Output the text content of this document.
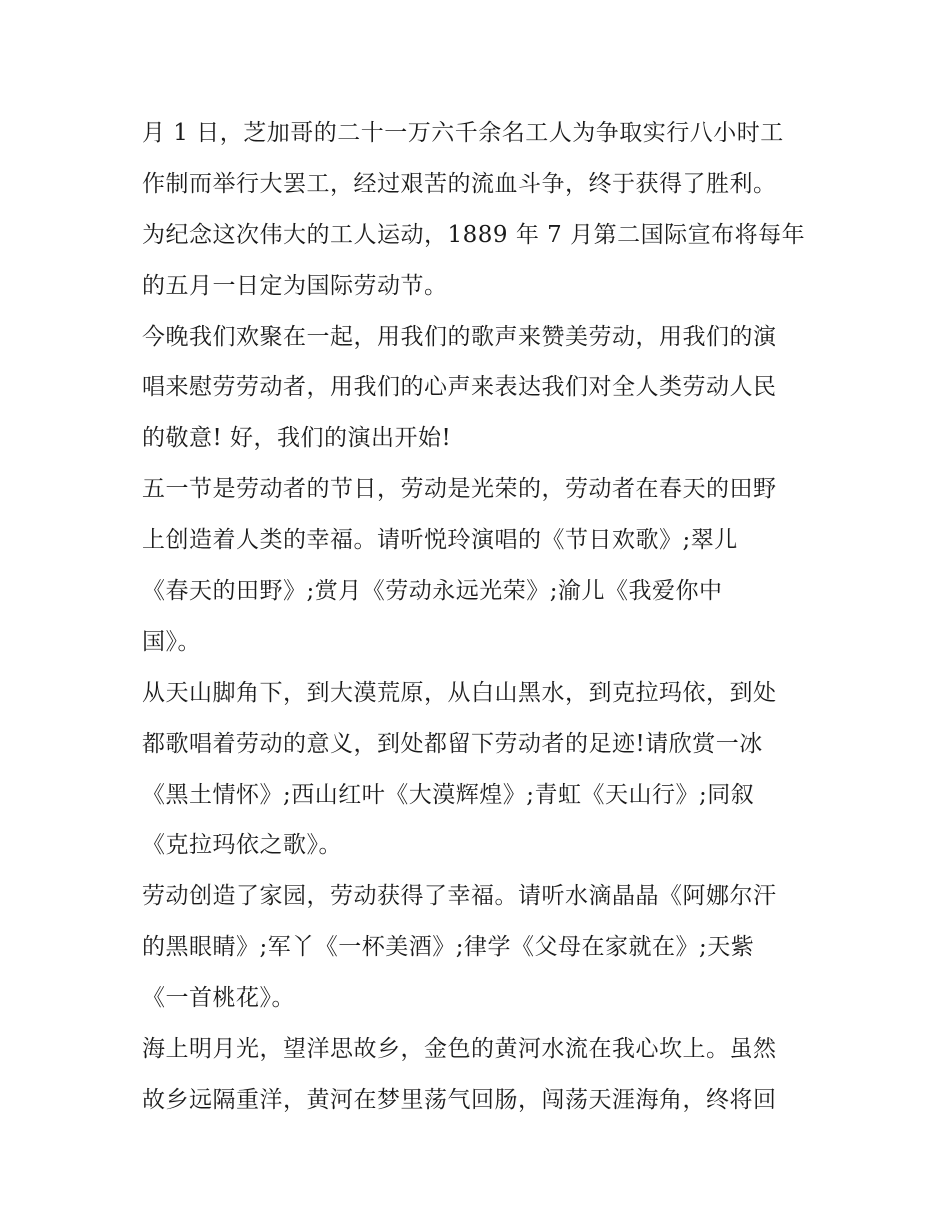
月 1 日，芝加哥的二十一万六千余名工人为争取实行八小时工
作制而举行大罢工，经过艰苦的流血斗争，终于获得了胜利。
为纪念这次伟大的工人运动，1889 年 7 月第二国际宣布将每年
的五月一日定为国际劳动节。
今晚我们欢聚在一起，用我们的歌声来赞美劳动，用我们的演
唱来慰劳劳动者，用我们的心声来表达我们对全人类劳动人民
的敬意! 好，我们的演出开始!
五一节是劳动者的节日，劳动是光荣的，劳动者在春天的田野
上创造着人类的幸福。请听悦玲演唱的《节日欢歌》;翠儿
《春天的田野》;赏月《劳动永远光荣》;渝儿《我爱你中
国》。
从天山脚角下，到大漠荒原，从白山黑水，到克拉玛依，到处
都歌唱着劳动的意义，到处都留下劳动者的足迹!请欣赏一冰
《黑土情怀》;西山红叶《大漠辉煌》;青虹《天山行》;同叙
《克拉玛依之歌》。
劳动创造了家园，劳动获得了幸福。请听水滴晶晶《阿娜尔汗
的黑眼睛》;军丫《一杯美酒》;律学《父母在家就在》;天紫
《一首桃花》。
海上明月光，望洋思故乡，金色的黄河水流在我心坎上。虽然
故乡远隔重洋，黄河在梦里荡气回肠，闯荡天涯海角，终将回
